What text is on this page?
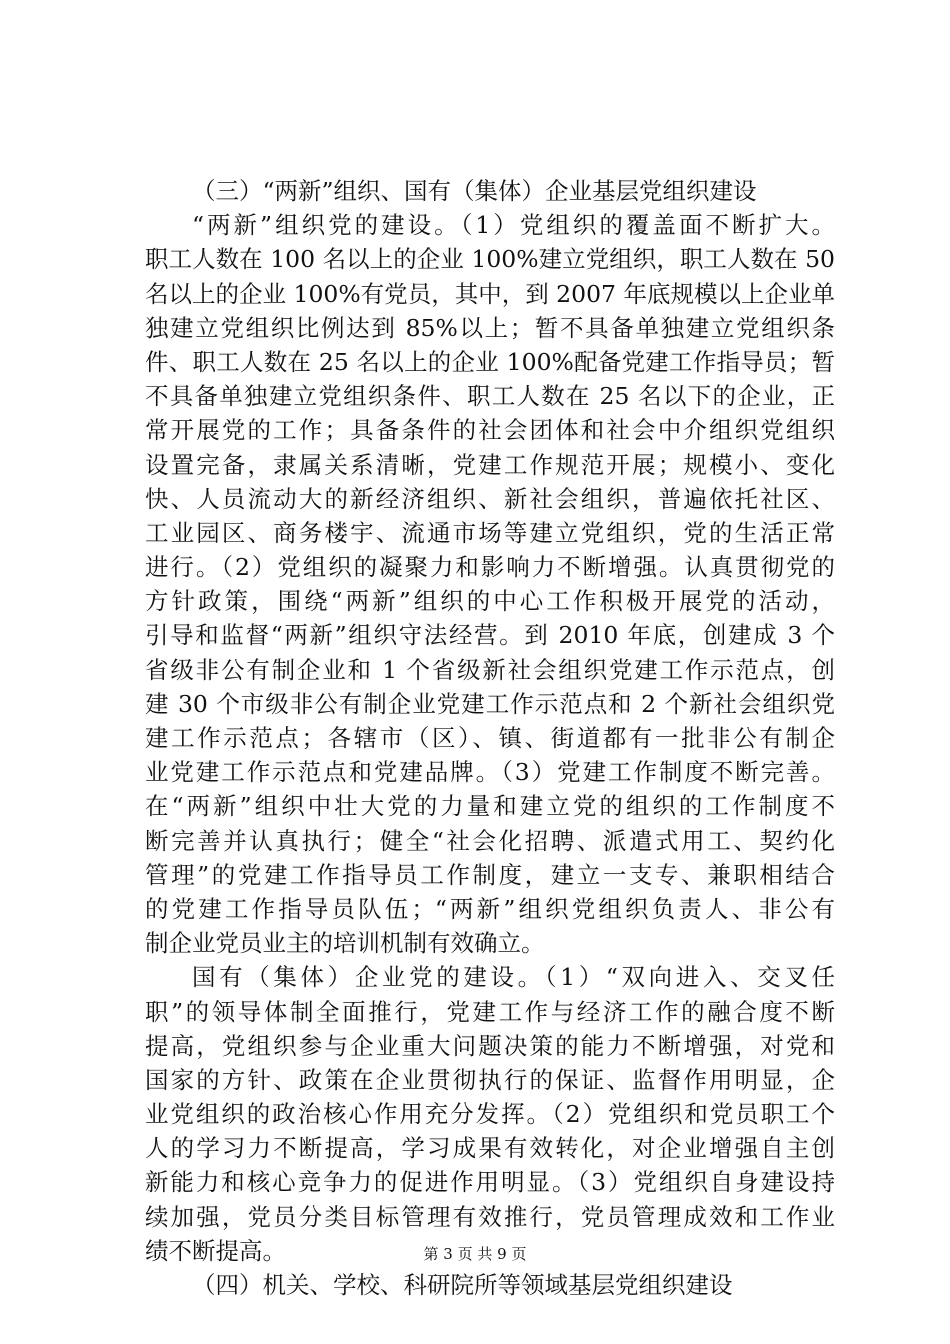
（三）“两新”组织、国有（集体）企业基层党组织建设
“两新”组织党的建设。（1）党组织的覆盖面不断扩大。
职工人数在 100 名以上的企业 100%建立党组织，职工人数在 50
名以上的企业 100%有党员，其中，到 2007 年底规模以上企业单
独建立党组织比例达到 85%以上；暂不具备单独建立党组织条
件、职工人数在 25 名以上的企业 100%配备党建工作指导员；暂
不具备单独建立党组织条件、职工人数在 25 名以下的企业，正
常开展党的工作；具备条件的社会团体和社会中介组织党组织
设置完备，隶属关系清晰，党建工作规范开展；规模小、变化
快、人员流动大的新经济组织、新社会组织，普遍依托社区、
工业园区、商务楼宇、流通市场等建立党组织，党的生活正常
进行。（2）党组织的凝聚力和影响力不断增强。认真贯彻党的
方针政策，围绕“两新”组织的中心工作积极开展党的活动，
引导和监督“两新”组织守法经营。到 2010 年底，创建成 3 个
省级非公有制企业和 1 个省级新社会组织党建工作示范点，创
建 30 个市级非公有制企业党建工作示范点和 2 个新社会组织党
建工作示范点；各辖市（区）、镇、街道都有一批非公有制企
业党建工作示范点和党建品牌。（3）党建工作制度不断完善。
在“两新”组织中壮大党的力量和建立党的组织的工作制度不
断完善并认真执行；健全“社会化招聘、派遣式用工、契约化
管理”的党建工作指导员工作制度，建立一支专、兼职相结合
的党建工作指导员队伍；“两新”组织党组织负责人、非公有
制企业党员业主的培训机制有效确立。
国有（集体）企业党的建设。（1）“双向进入、交叉任
职”的领导体制全面推行，党建工作与经济工作的融合度不断
提高，党组织参与企业重大问题决策的能力不断增强，对党和
国家的方针、政策在企业贯彻执行的保证、监督作用明显，企
业党组织的政治核心作用充分发挥。（2）党组织和党员职工个
人的学习力不断提高，学习成果有效转化，对企业增强自主创
新能力和核心竞争力的促进作用明显。（3）党组织自身建设持
续加强，党员分类目标管理有效推行，党员管理成效和工作业
绩不断提高。
（四）机关、学校、科研院所等领域基层党组织建设
第 3 页 共 9 页
